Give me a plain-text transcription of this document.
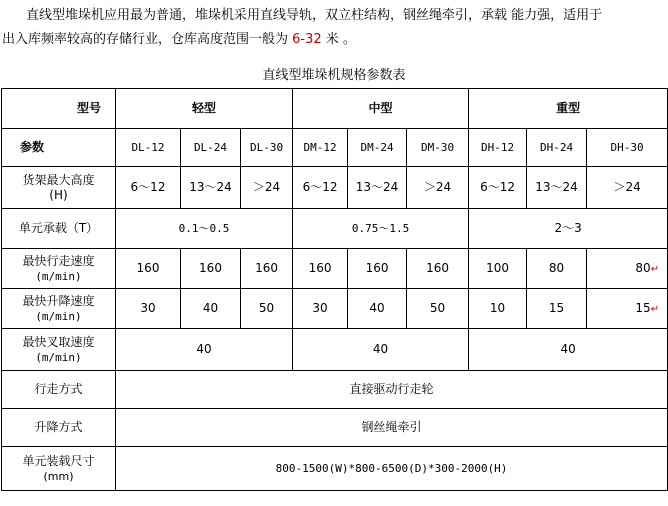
直线型堆垛机应用最为普通，堆垛机采用直线导轨，双立柱结构，钢丝绳牵引，承载 能力强，适用于
出入库频率较高的存储行业，仓库高度范围一般为 6-32 米 。
直线型堆垛机规格参数表
型号	轻型			中型			重型		
参数	DL-12	DL-24	DL-30	DM-12	DM-24	DM-30	DH-12	DH-24	DH-30
货架最大高度
(H)	6～12	13～24	＞24	6～12	13～24	＞24	6～12	13～24	＞24
单元承载（T）	0.1～0.5			0.75～1.5			2～3		
最快行走速度
(m/min)	160	160	160	160	160	160	100	80	80↵
最快升降速度
(m/min)	30	40	50	30	40	50	10	15	15↵
最快叉取速度
(m/min)	40			40			40		
行走方式	直接驱动行走轮								
升降方式	钢丝绳牵引								
单元装载尺寸
(mm)	800-1500(W)*800-6500(D)*300-2000(H)								
